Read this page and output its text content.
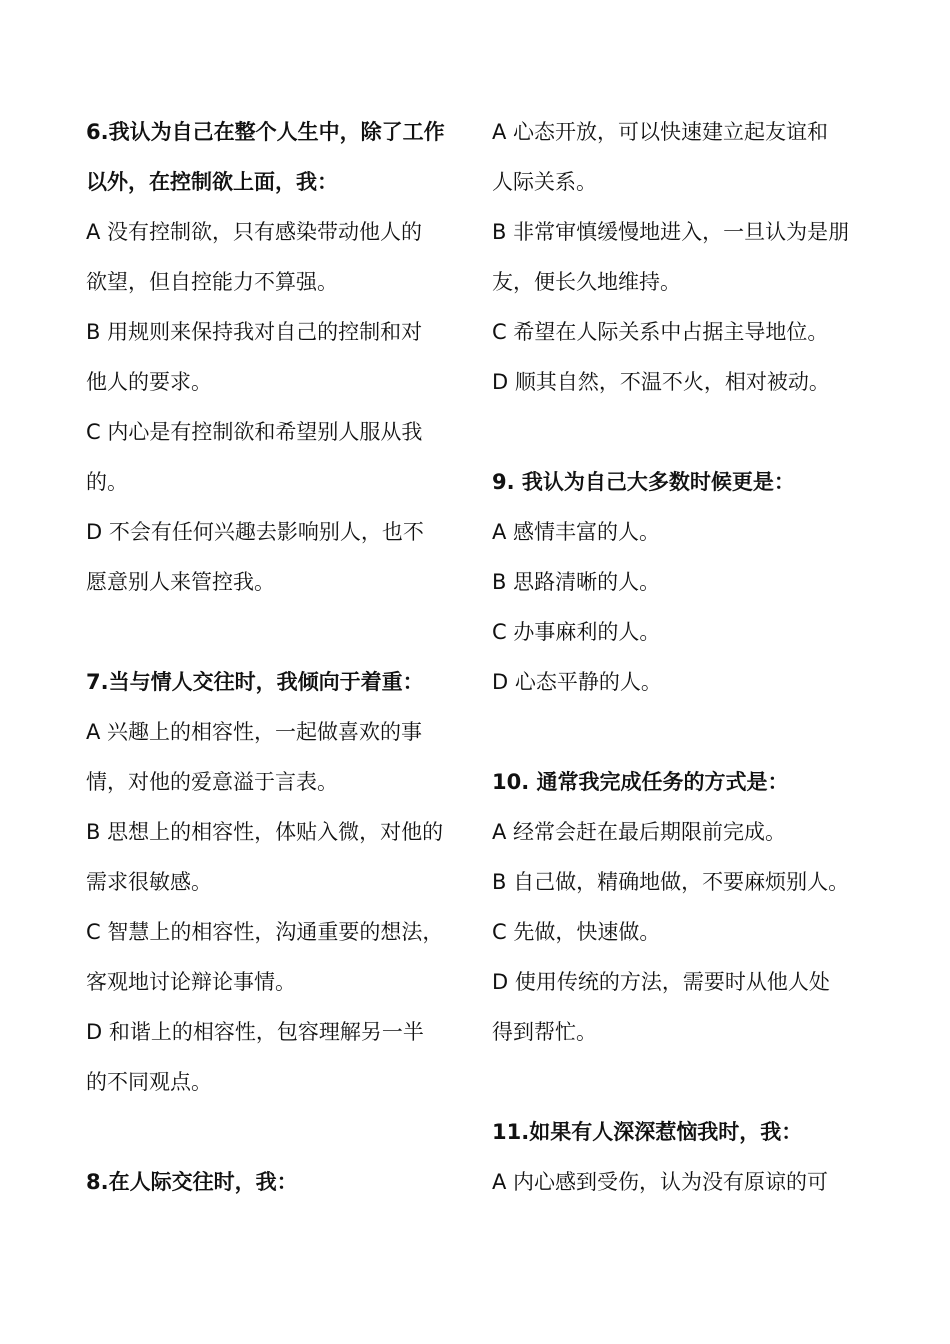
6.我认为自己在整个人生中，除了工作
以外，在控制欲上面，我：
A 没有控制欲，只有感染带动他人的
欲望，但自控能力不算强。
B 用规则来保持我对自己的控制和对
他人的要求。
C 内心是有控制欲和希望别人服从我
的。
D 不会有任何兴趣去影响别人，也不
愿意别人来管控我。
7.当与情人交往时，我倾向于着重：
A 兴趣上的相容性，一起做喜欢的事
情，对他的爱意溢于言表。
B 思想上的相容性，体贴入微，对他的
需求很敏感。
C 智慧上的相容性，沟通重要的想法，
客观地讨论辩论事情。
D 和谐上的相容性，包容理解另一半
的不同观点。
8.在人际交往时，我：
A 心态开放，可以快速建立起友谊和
人际关系。
B 非常审慎缓慢地进入，一旦认为是朋
友，便长久地维持。
C 希望在人际关系中占据主导地位。
D 顺其自然，不温不火，相对被动。
9. 我认为自己大多数时候更是：
A 感情丰富的人。
B 思路清晰的人。
C 办事麻利的人。
D 心态平静的人。
10. 通常我完成任务的方式是：
A 经常会赶在最后期限前完成。
B 自己做，精确地做，不要麻烦别人。
C 先做，快速做。
D 使用传统的方法，需要时从他人处
得到帮忙。
11.如果有人深深惹恼我时，我：
A 内心感到受伤，认为没有原谅的可
